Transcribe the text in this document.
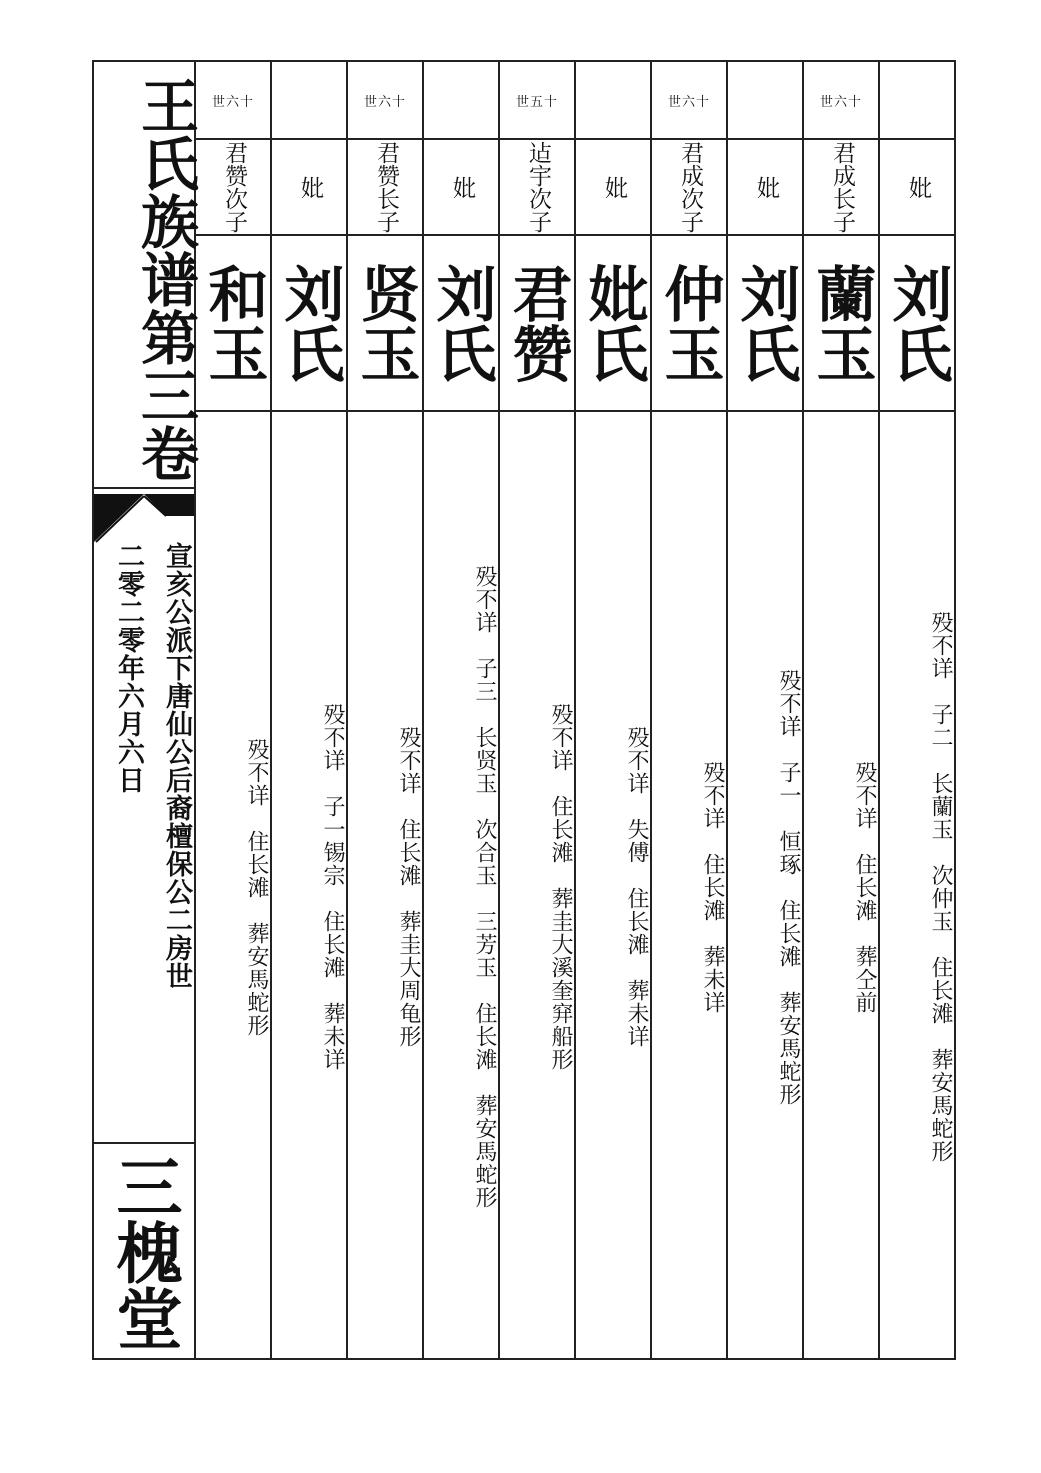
王氏族谱第三卷
宣亥公派下唐仙公后裔檀保公二房世
二零二零年六月六日
三槐堂
十六世
君赞
次子
和玉
殁不详　住长滩　葬安馬蛇形
妣
刘氏
殁不详　子一锡宗　住长滩　葬未详
十六世
君赞
长子
贤玉
殁不详　住长滩　葬圭大周龟形
妣
刘氏
殁不详　子三　长贤玉　次合玉　三芳玉　住长滩　葬安馬蛇形
十五世
迠宇
次子
君赞
殁不详　住长滩　葬圭大溪奎穽船形
妣
妣氏
殁不详　失傅　住长滩　葬未详
十六世
君成
次子
仲玉
殁不详　住长滩　葬未详
妣
刘氏
殁不详　子一　恒琢　住长滩　葬安馬蛇形
十六世
君成
长子
蘭玉
殁不详　住长滩　葬仝前
妣
刘氏
殁不详　子二　长蘭玉　次仲玉　住长滩　葬安馬蛇形
